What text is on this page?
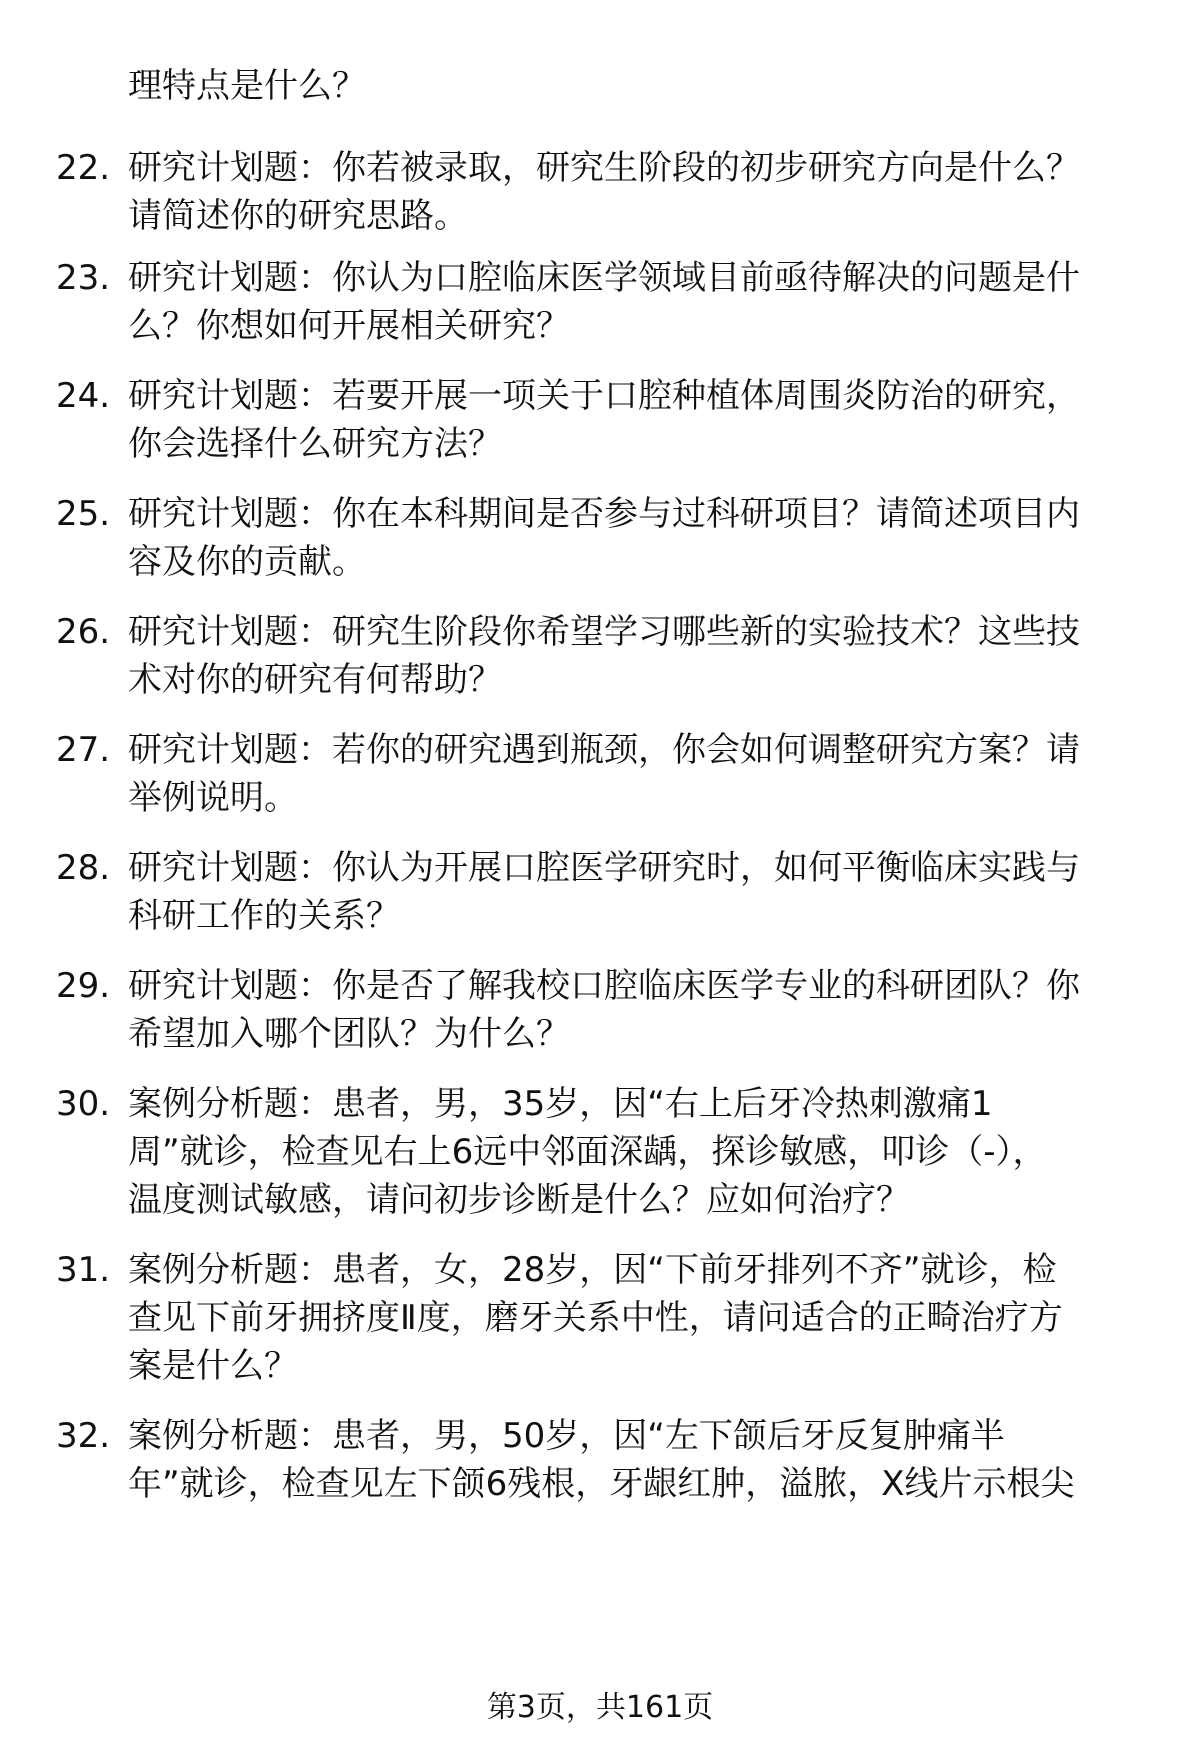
理特点是什么？
22. 研究计划题：你若被录取，研究生阶段的初步研究方向是什么？
请简述你的研究思路。
23. 研究计划题：你认为口腔临床医学领域目前亟待解决的问题是什
么？你想如何开展相关研究？
24. 研究计划题：若要开展一项关于口腔种植体周围炎防治的研究，
你会选择什么研究方法？
25. 研究计划题：你在本科期间是否参与过科研项目？请简述项目内
容及你的贡献。
26. 研究计划题：研究生阶段你希望学习哪些新的实验技术？这些技
术对你的研究有何帮助？
27. 研究计划题：若你的研究遇到瓶颈，你会如何调整研究方案？请
举例说明。
28. 研究计划题：你认为开展口腔医学研究时，如何平衡临床实践与
科研工作的关系？
29. 研究计划题：你是否了解我校口腔临床医学专业的科研团队？你
希望加入哪个团队？为什么？
30. 案例分析题：患者，男，35岁，因“右上后牙冷热刺激痛1
周”就诊，检查见右上6远中邻面深龋，探诊敏感，叩诊（-），
温度测试敏感，请问初步诊断是什么？应如何治疗？
31. 案例分析题：患者，女，28岁，因“下前牙排列不齐”就诊，检
查见下前牙拥挤度Ⅱ度，磨牙关系中性，请问适合的正畸治疗方
案是什么？
32. 案例分析题：患者，男，50岁，因“左下颌后牙反复肿痛半
年”就诊，检查见左下颌6残根，牙龈红肿，溢脓，X线片示根尖
第3页，共161页
